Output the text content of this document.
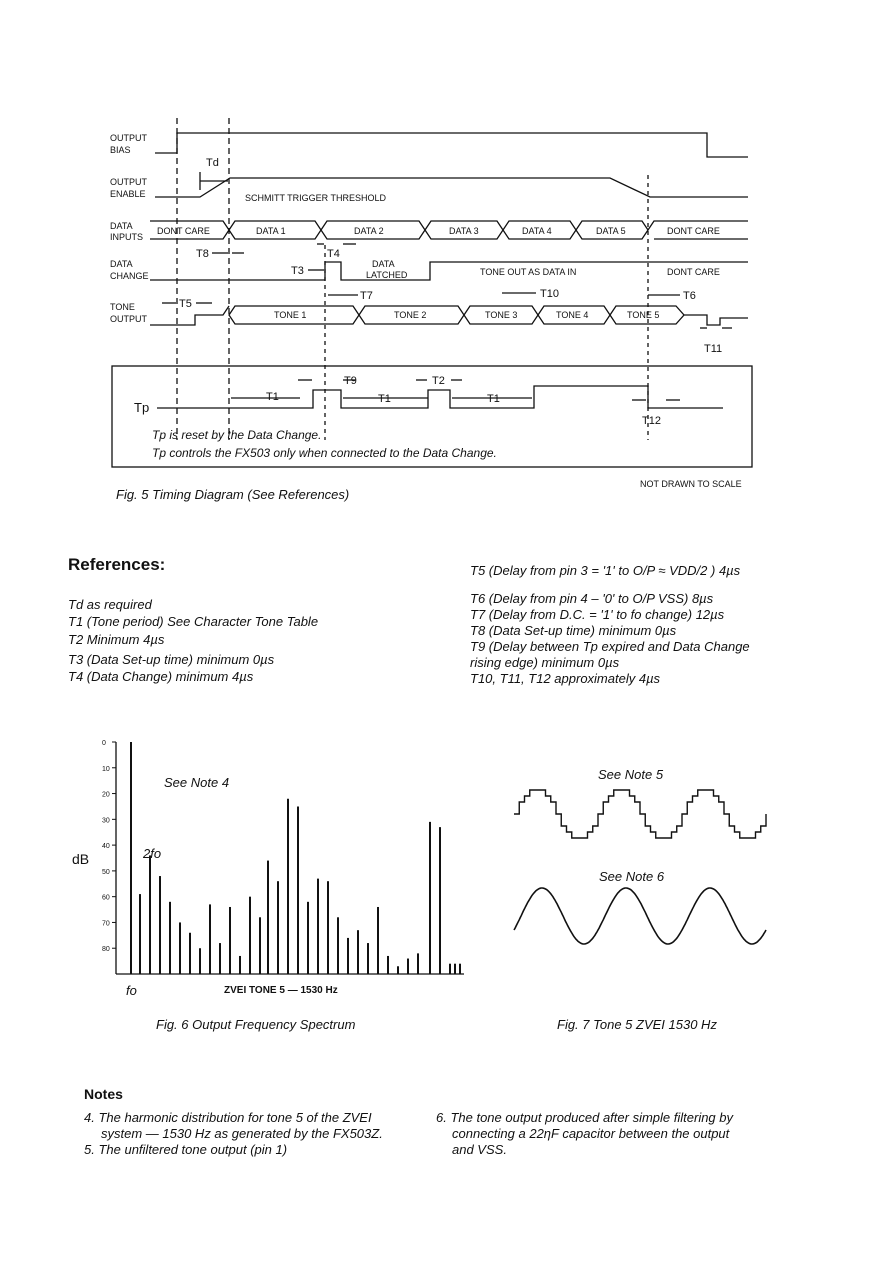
OUTPUT
BIAS
OUTPUT
ENABLE
DATA
INPUTS
DATA
CHANGE
TONE
OUTPUT
Td
SCHMITT TRIGGER THRESHOLD
DONT CARE	DATA 1	DATA 2	DATA 3	DATA 4	DATA 5	DONT CARE
DATA
LATCHED	TONE OUT AS DATA IN	DONT CARE
TONE 1	TONE 2	TONE 3	TONE 4	TONE 5
T8
T3
T4
T5
T7	T10	T6
T11
T9	T2
T1	T1	T1
T12
Tp
Tp is reset by the Data Change.
Tp controls the FX503 only when connected to the Data Change.
NOT DRAWN TO SCALE
Fig. 5 Timing Diagram (See References)
References:
Td as required
T1 (Tone period) See Character Tone Table
T2 Minimum 4µs
T3 (Data Set-up time) minimum 0µs
T4 (Data Change) minimum 4µs
T5 (Delay from pin 3 = '1' to O/P ≈ VDD/2 ) 4µs
T6 (Delay from pin 4 – '0' to O/P VSS) 8µs
T7 (Delay from D.C. = '1' to fo change) 12µs
T8 (Data Set-up time) minimum 0µs
T9 (Delay between Tp expired and Data Change
rising edge) minimum 0µs
T10, T11, T12 approximately 4µs
0
10
20
30
40
50
60
70
80
dB
See Note 4
2fo
fo	ZVEI TONE 5 — 1530 Hz
Fig. 6 Output Frequency Spectrum
See Note 5
See Note 6
Fig. 7 Tone 5 ZVEI 1530 Hz
Notes
4. The harmonic distribution for tone 5 of the ZVEI
system — 1530 Hz as generated by the FX503Z.
5. The unfiltered tone output (pin 1)
6. The tone output produced after simple filtering by
connecting a 22ηF capacitor between the output
and VSS.
